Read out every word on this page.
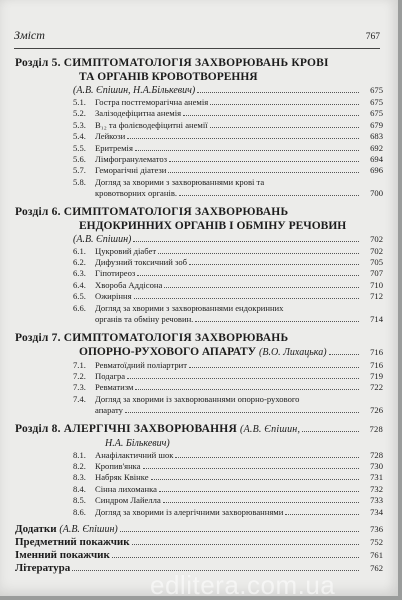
Зміст	767
Розділ 5. СИМПТОМАТОЛОГІЯ ЗАХВОРЮВАНЬ КРОВІ
ТА ОРГАНІВ КРОВОТВОРЕННЯ
(А.В. Єпішин, Н.А.Бількевич)	675
5.1.	Гостра постгеморагічна анемія	675
5.2.	Залізодефіцитна анемія	675
5.3.	B₁₂ та фолієводефіцитні анемії	679
5.4.	Лейкози	683
5.5.	Еритремія	692
5.6.	Лімфогранулематоз	694
5.7.	Геморагічні діатези	696
5.8.	Догляд за хворими з захворюваннями крові та
кровотворних органів.	700
Розділ 6. СИМПТОМАТОЛОГІЯ ЗАХВОРЮВАНЬ
ЕНДОКРИННИХ ОРГАНІВ І ОБМІНУ РЕЧОВИН
(А.В. Єпішин)	702
6.1.	Цукровий діабет	702
6.2.	Дифузний токсичний зоб	705
6.3.	Гіпотиреоз	707
6.4.	Хвороба Аддісона	710
6.5.	Ожиріння	712
6.6.	Догляд за хворими з захворюваннями ендокринних
органів та обміну речовин.	714
Розділ 7. СИМПТОМАТОЛОГІЯ ЗАХВОРЮВАНЬ
ОПОРНО-РУХОВОГО АПАРАТУ
(В.О. Лихацька)	716
7.1.	Ревматоїдний поліартрит	716
7.2.	Подагра	719
7.3.	Ревматизм	722
7.4.	Догляд за хворими із захворюваннями опорно-рухового
апарату	726
Розділ 8.
АЛЕРГІЧНІ ЗАХВОРЮВАННЯ
(А.В. Єпішин,	728
Н.А. Бількевич)
8.1.	Анафілактичний шок	728
8.2.	Кропив'янка	730
8.3.	Набряк Квінке	731
8.4.	Сінна лихоманка	732
8.5.	Синдром Лайелла	733
8.6.	Догляд за хворими із алергічними захворюваннями	734
Додатки
(А.В. Єпішин)	736
Предметний покажчик	752
Іменний покажчик	761
Література	762
edlitera.com.ua
